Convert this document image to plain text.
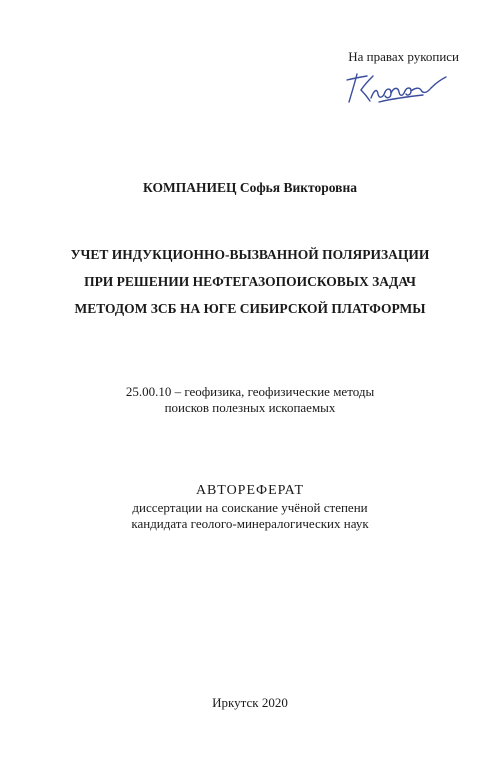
На правах рукописи
КОМПАНИЕЦ Софья Викторовна
УЧЕТ ИНДУКЦИОННО-ВЫЗВАННОЙ ПОЛЯРИЗАЦИИ
ПРИ РЕШЕНИИ НЕФТЕГАЗОПОИСКОВЫХ ЗАДАЧ
МЕТОДОМ ЗСБ НА ЮГЕ СИБИРСКОЙ ПЛАТФОРМЫ
25.00.10 – геофизика, геофизические методы
поисков полезных ископаемых
АВТОРЕФЕРАТ
диссертации на соискание учёной степени
кандидата геолого-минералогических наук
Иркутск 2020
